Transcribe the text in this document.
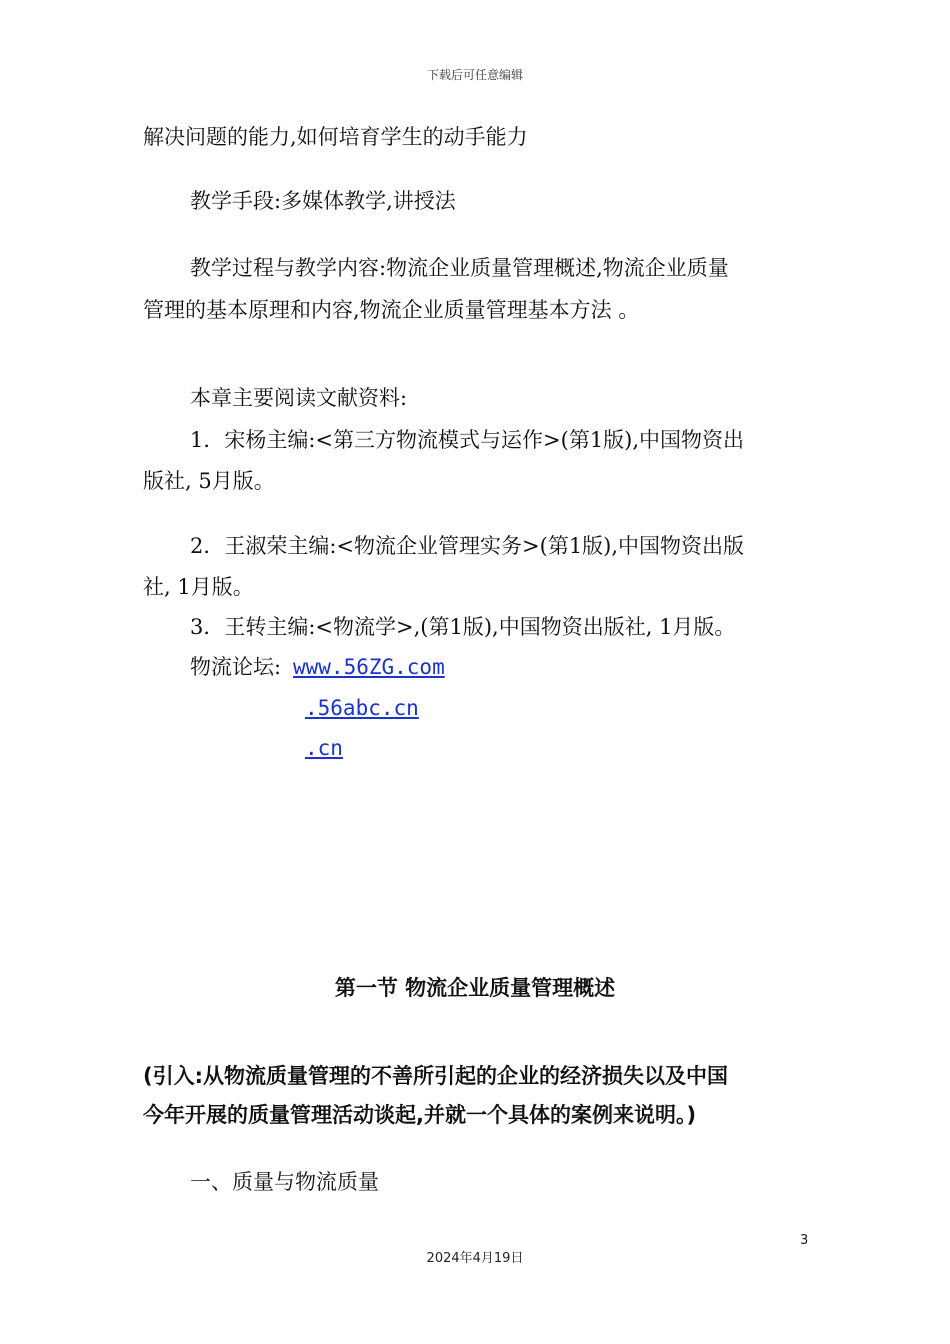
下载后可任意编辑
解决问题的能力,如何培育学生的动手能力
教学手段:多媒体教学,讲授法
教学过程与教学内容:物流企业质量管理概述,物流企业质量
管理的基本原理和内容,物流企业质量管理基本方法 。
本章主要阅读文献资料:
1．宋杨主编:<第三方物流模式与运作>(第1版),中国物资出
版社, 5月版。
2．王淑荣主编:<物流企业管理实务>(第1版),中国物资出版
社, 1月版。
3．王转主编:<物流学>,(第1版),中国物资出版社, 1月版。
物流论坛: www.56ZG.com
.56abc.cn
.cn
第一节 物流企业质量管理概述
(引入:从物流质量管理的不善所引起的企业的经济损失以及中国
今年开展的质量管理活动谈起,并就一个具体的案例来说明。)
一、质量与物流质量
3
2024年4月19日
